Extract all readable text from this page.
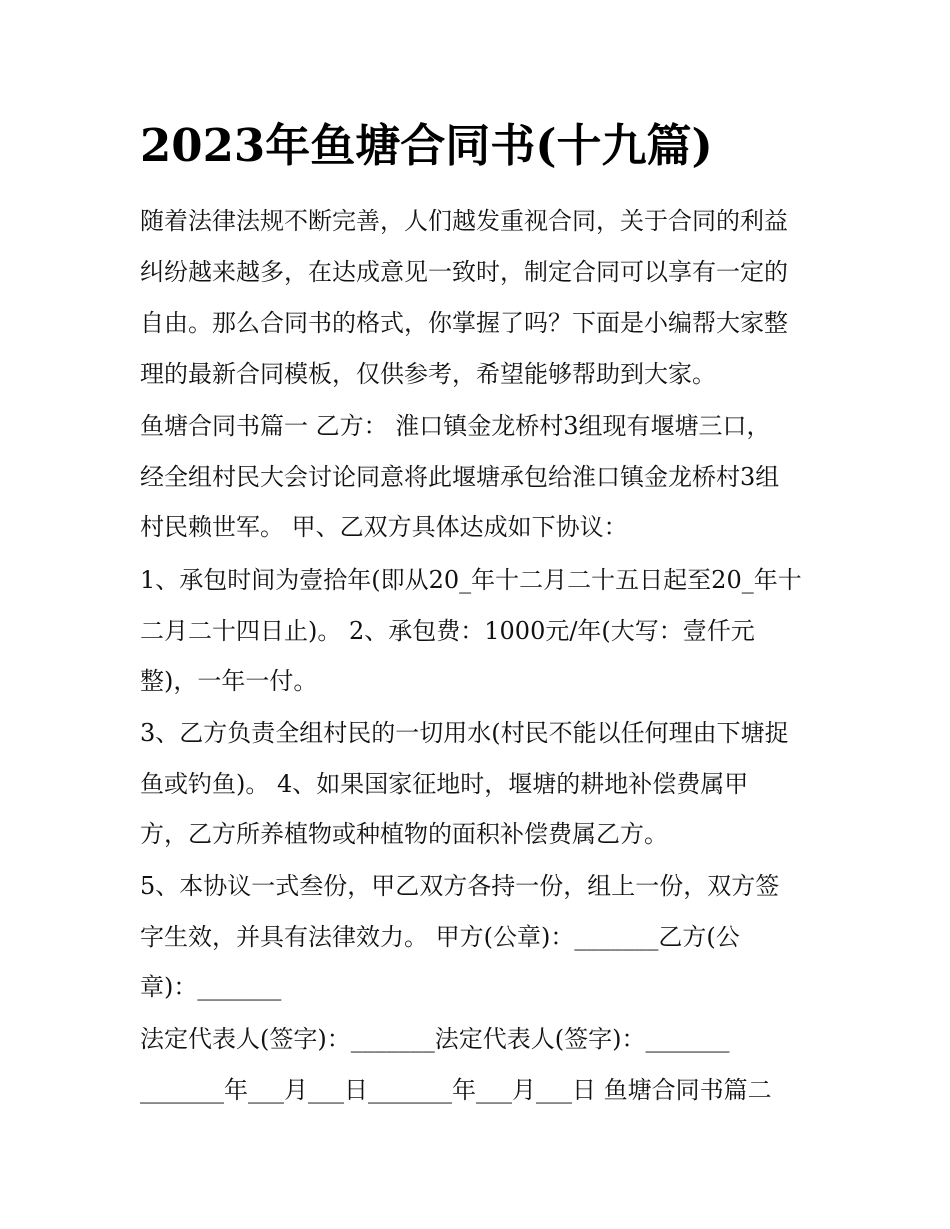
2023年鱼塘合同书(十九篇)

随着法律法规不断完善，人们越发重视合同，关于合同的利益

纠纷越来越多，在达成意见一致时，制定合同可以享有一定的

自由。那么合同书的格式，你掌握了吗？下面是小编帮大家整

理的最新合同模板，仅供参考，希望能够帮助到大家。

鱼塘合同书篇一 乙方： 淮口镇金龙桥村3组现有堰塘三口，

经全组村民大会讨论同意将此堰塘承包给淮口镇金龙桥村3组

村民赖世军。 甲、乙双方具体达成如下协议：

1、承包时间为壹拾年(即从20_年十二月二十五日起至20_年十

二月二十四日止)。 2、承包费：1000元/年(大写：壹仟元

整)，一年一付。

3、乙方负责全组村民的一切用水(村民不能以任何理由下塘捉

鱼或钓鱼)。 4、如果国家征地时，堰塘的耕地补偿费属甲

方，乙方所养植物或种植物的面积补偿费属乙方。

5、本协议一式叁份，甲乙双方各持一份，组上一份，双方签

字生效，并具有法律效力。 甲方(公章)：_______乙方(公

章)：_______

法定代表人(签字)：_______法定代表人(签字)：_______

_______年___月___日_______年___月___日 鱼塘合同书篇二
